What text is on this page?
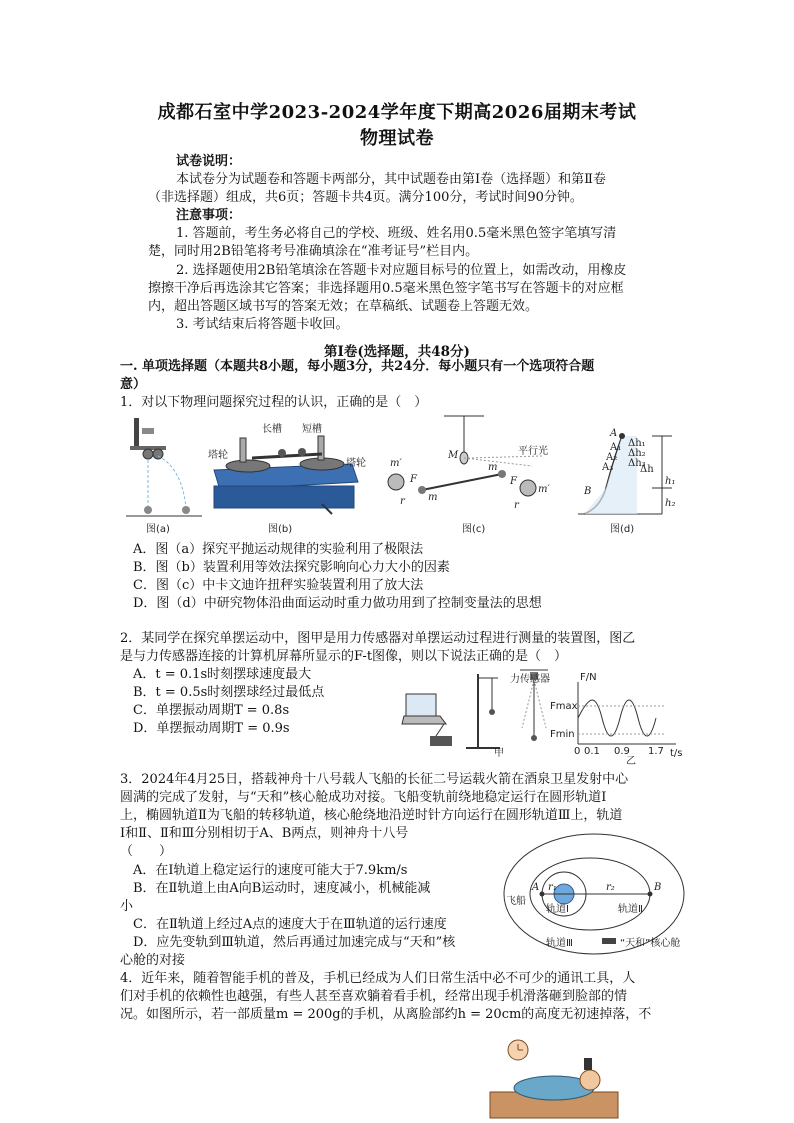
成都石室中学2023-2024学年度下期高2026届期末考试
物理试卷
试卷说明：
本试卷分为试题卷和答题卡两部分，其中试题卷由第Ⅰ卷（选择题）和第Ⅱ卷
（非选择题）组成，共6页；答题卡共4页。满分100分，考试时间90分钟。
注意事项：
1. 答题前，考生务必将自己的学校、班级、姓名用0.5毫米黑色签字笔填写清
楚，同时用2B铅笔将考号准确填涂在“准考证号”栏目内。
2. 选择题使用2B铅笔填涂在答题卡对应题目标号的位置上，如需改动，用橡皮
擦擦干净后再选涂其它答案；非选择题用0.5毫米黑色签字笔书写在答题卡的对应框
内，超出答题区域书写的答案无效；在草稿纸、试题卷上答题无效。
3. 考试结束后将答题卡收回。
第Ⅰ卷(选择题，共48分)
一. 单项选择题（本题共8小题，每小题3分，共24分．每小题只有一个选项符合题
意）
1．对以下物理问题探究过程的认识，正确的是（　）
图(a)
长槽 短槽
塔轮
塔轮
图(b)
M	平行光
m′
m′
m
m
F	F
r	r
图(c)
A
B
A₁
A₂
A₃
Δh₁
Δh₂
Δh₃
Δh
h₁
h₂
图(d)
A．图（a）探究平抛运动规律的实验利用了极限法
B．图（b）装置利用等效法探究影响向心力大小的因素
C．图（c）中卡文迪许扭秤实验装置利用了放大法
D．图（d）中研究物体沿曲面运动时重力做功用到了控制变量法的思想
2．某同学在探究单摆运动中，图甲是用力传感器对单摆运动过程进行测量的装置图，图乙
是与力传感器连接的计算机屏幕所显示的F-t图像，则以下说法正确的是（　）
A．t = 0.1s时刻摆球速度最大
B．t = 0.5s时刻摆球经过最低点
C．单摆振动周期T = 0.8s
D．单摆振动周期T = 0.9s
力传感器
甲
F/N
t/s
Fmax
Fmin
0 0.1 0.9 1.7
乙
3．2024年4月25日，搭载神舟十八号载人飞船的长征二号运载火箭在酒泉卫星发射中心
圆满的完成了发射，与“天和”核心舱成功对接。飞船变轨前绕地稳定运行在圆形轨道Ⅰ
上，椭圆轨道Ⅱ为飞船的转移轨道，核心舱绕地沿逆时针方向运行在圆形轨道Ⅲ上，轨道
Ⅰ和Ⅱ、Ⅱ和Ⅲ分别相切于A、B两点，则神舟十八号
（　　）
A．在Ⅰ轨道上稳定运行的速度可能大于7.9km/s
B．在Ⅱ轨道上由A向B运动时，速度减小，机械能减
小
C．在Ⅱ轨道上经过A点的速度大于在Ⅲ轨道的运行速度
D．应先变轨到Ⅲ轨道，然后再通过加速完成与“天和”核
心舱的对接
A	B
r₁	r₂
轨道Ⅰ	轨道Ⅱ
轨道Ⅲ
飞船
“天和”核心舱
4．近年来，随着智能手机的普及，手机已经成为人们日常生活中必不可少的通讯工具，人
们对手机的依赖性也越强，有些人甚至喜欢躺着看手机，经常出现手机滑落砸到脸部的情
况。如图所示，若一部质量m = 200g的手机，从离脸部约h = 20cm的高度无初速掉落，不
